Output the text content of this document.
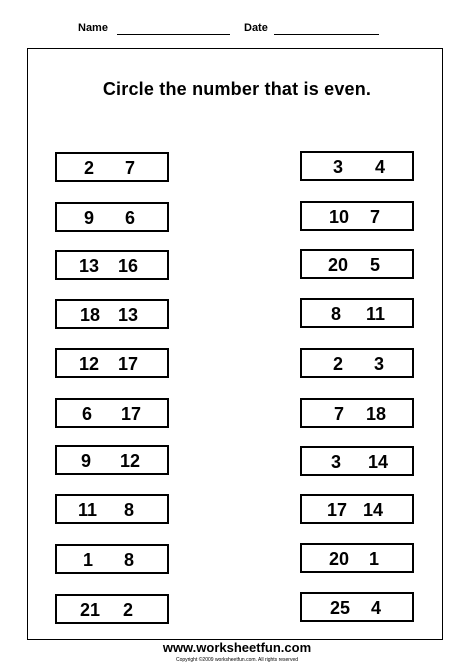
Name	Date
Circle the number that is even.
2 7
9 6
13 16
18 13
12 17
6 17
9 12
11 8
1 8
21 2
3 4
10 7
20 5
8 11
2 3
7 18
3 14
17 14
20 1
25 4
www.worksheetfun.com
Copyright ©2009 worksheetfun.com. All rights reserved
